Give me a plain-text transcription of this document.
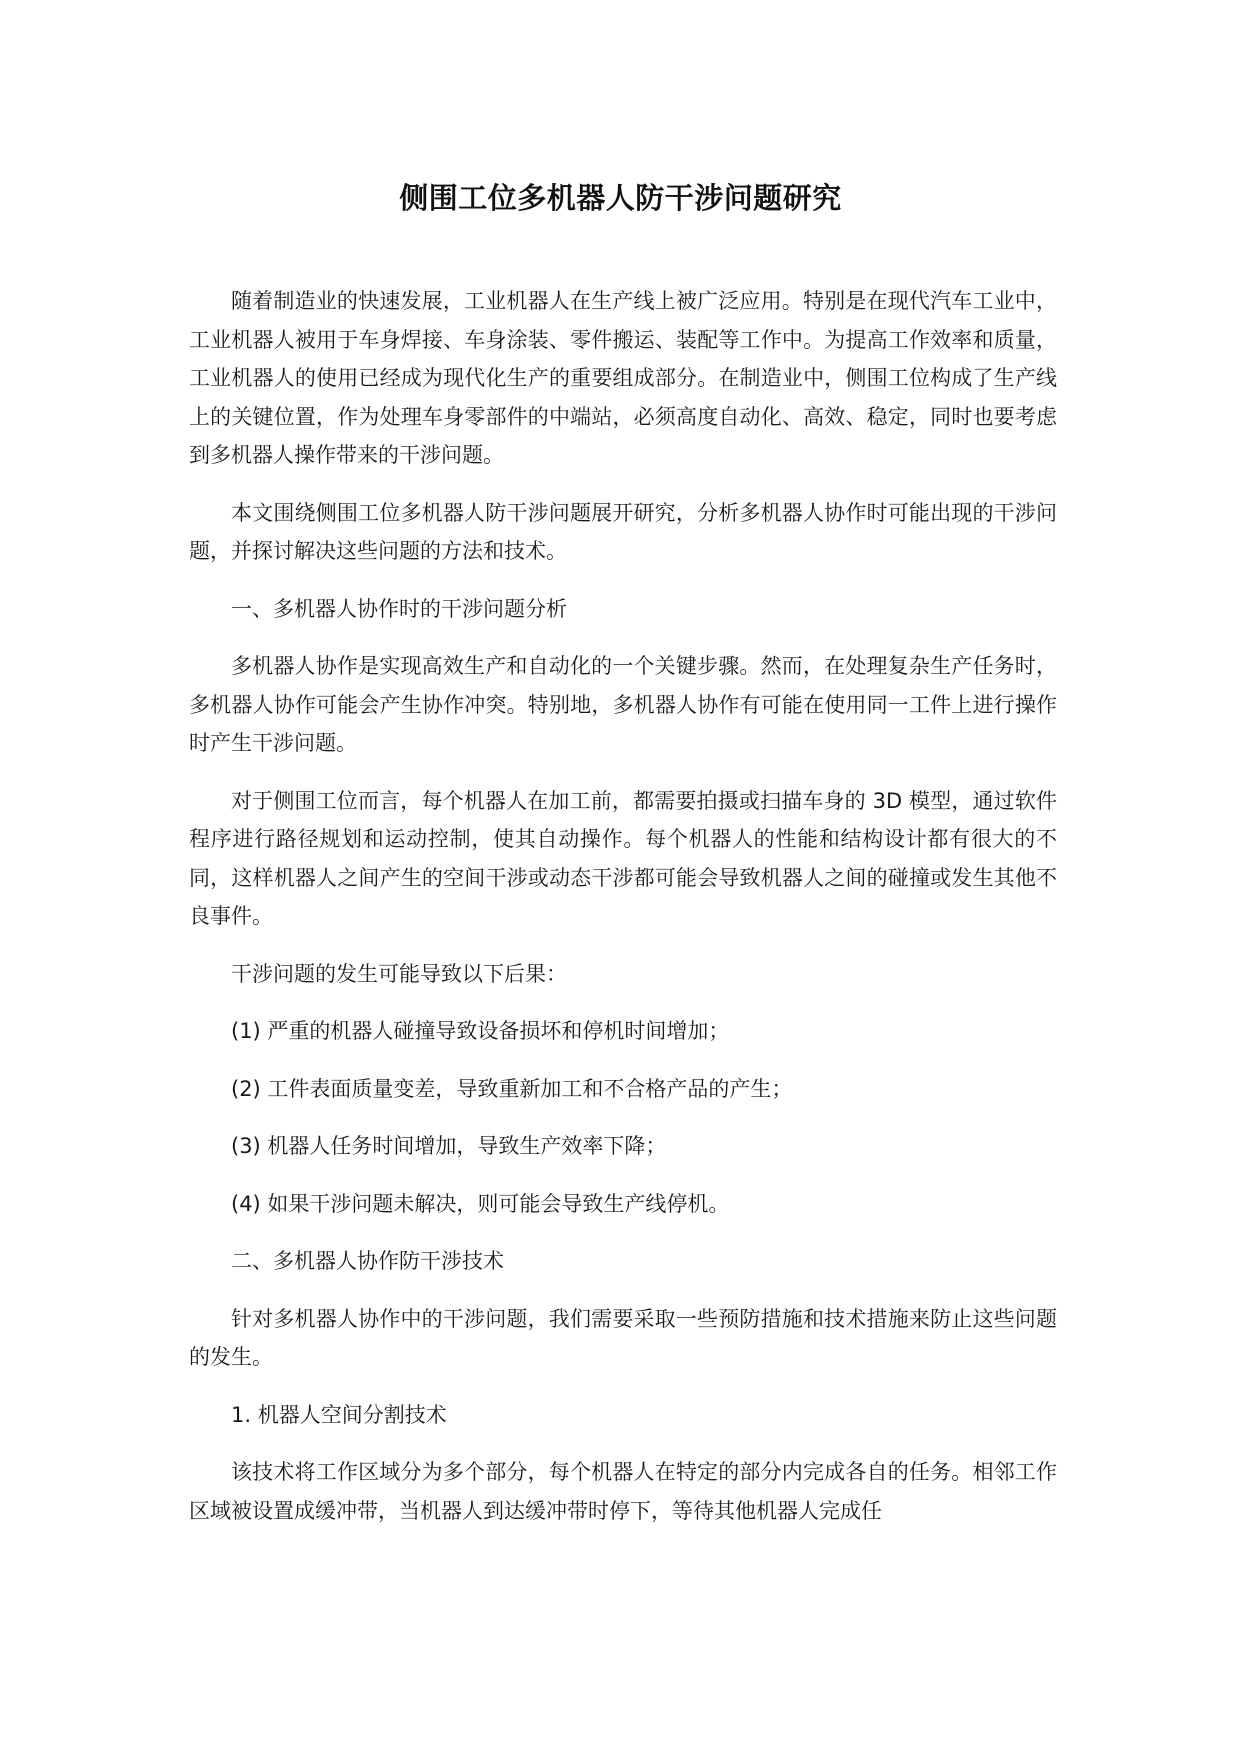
侧围工位多机器人防干涉问题研究

随着制造业的快速发展，工业机器人在生产线上被广泛应用。特别是在现代汽车工业中，工业机器人被用于车身焊接、车身涂装、零件搬运、装配等工作中。为提高工作效率和质量，工业机器人的使用已经成为现代化生产的重要组成部分。在制造业中，侧围工位构成了生产线上的关键位置，作为处理车身零部件的中端站，必须高度自动化、高效、稳定，同时也要考虑到多机器人操作带来的干涉问题。

本文围绕侧围工位多机器人防干涉问题展开研究，分析多机器人协作时可能出现的干涉问题，并探讨解决这些问题的方法和技术。

一、多机器人协作时的干涉问题分析

多机器人协作是实现高效生产和自动化的一个关键步骤。然而，在处理复杂生产任务时，多机器人协作可能会产生协作冲突。特别地，多机器人协作有可能在使用同一工件上进行操作时产生干涉问题。

对于侧围工位而言，每个机器人在加工前，都需要拍摄或扫描车身的 3D 模型，通过软件程序进行路径规划和运动控制，使其自动操作。每个机器人的性能和结构设计都有很大的不同，这样机器人之间产生的空间干涉或动态干涉都可能会导致机器人之间的碰撞或发生其他不良事件。

干涉问题的发生可能导致以下后果：

(1) 严重的机器人碰撞导致设备损坏和停机时间增加；

(2) 工件表面质量变差，导致重新加工和不合格产品的产生；

(3) 机器人任务时间增加，导致生产效率下降；

(4) 如果干涉问题未解决，则可能会导致生产线停机。

二、多机器人协作防干涉技术

针对多机器人协作中的干涉问题，我们需要采取一些预防措施和技术措施来防止这些问题的发生。

1. 机器人空间分割技术

该技术将工作区域分为多个部分，每个机器人在特定的部分内完成各自的任务。相邻工作区域被设置成缓冲带，当机器人到达缓冲带时停下，等待其他机器人完成任
